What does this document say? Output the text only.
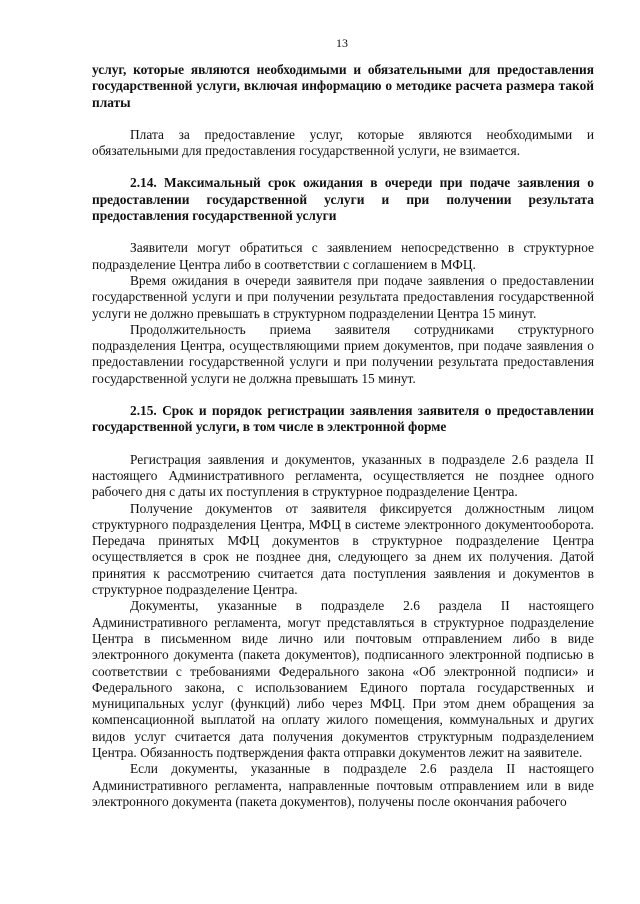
13

услуг, которые являются необходимыми и обязательными для предоставления государственной услуги, включая информацию о методике расчета размера такой платы

Плата за предоставление услуг, которые являются необходимыми и обязательными для предоставления государственной услуги, не взимается.

2.14. Максимальный срок ожидания в очереди при подаче заявления о предоставлении государственной услуги и при получении результата предоставления государственной услуги

Заявители могут обратиться с заявлением непосредственно в структурное подразделение Центра либо в соответствии с соглашением в МФЦ.

Время ожидания в очереди заявителя при подаче заявления о предоставлении государственной услуги и при получении результата предоставления государственной услуги не должно превышать в структурном подразделении Центра 15 минут.

Продолжительность приема заявителя сотрудниками структурного подразделения Центра, осуществляющими прием документов, при подаче заявления о предоставлении государственной услуги и при получении результата предоставления государственной услуги не должна превышать 15 минут.

2.15. Срок и порядок регистрации заявления заявителя о предоставлении государственной услуги, в том числе в электронной форме

Регистрация заявления и документов, указанных в подразделе 2.6 раздела II настоящего Административного регламента, осуществляется не позднее одного рабочего дня с даты их поступления в структурное подразделение Центра.

Получение документов от заявителя фиксируется должностным лицом структурного подразделения Центра, МФЦ в системе электронного документооборота. Передача принятых МФЦ документов в структурное подразделение Центра осуществляется в срок не позднее дня, следующего за днем их получения. Датой принятия к рассмотрению считается дата поступления заявления и документов в структурное подразделение Центра.

Документы, указанные в подразделе 2.6 раздела II настоящего Административного регламента, могут представляться в структурное подразделение Центра в письменном виде лично или почтовым отправлением либо в виде электронного документа (пакета документов), подписанного электронной подписью в соответствии с требованиями Федерального закона «Об электронной подписи» и Федерального закона, с использованием Единого портала государственных и муниципальных услуг (функций) либо через МФЦ. При этом днем обращения за компенсационной выплатой на оплату жилого помещения, коммунальных и других видов услуг считается дата получения документов структурным подразделением Центра. Обязанность подтверждения факта отправки документов лежит на заявителе.

Если документы, указанные в подразделе 2.6 раздела II настоящего Административного регламента, направленные почтовым отправлением или в виде электронного документа (пакета документов), получены после окончания рабочего
